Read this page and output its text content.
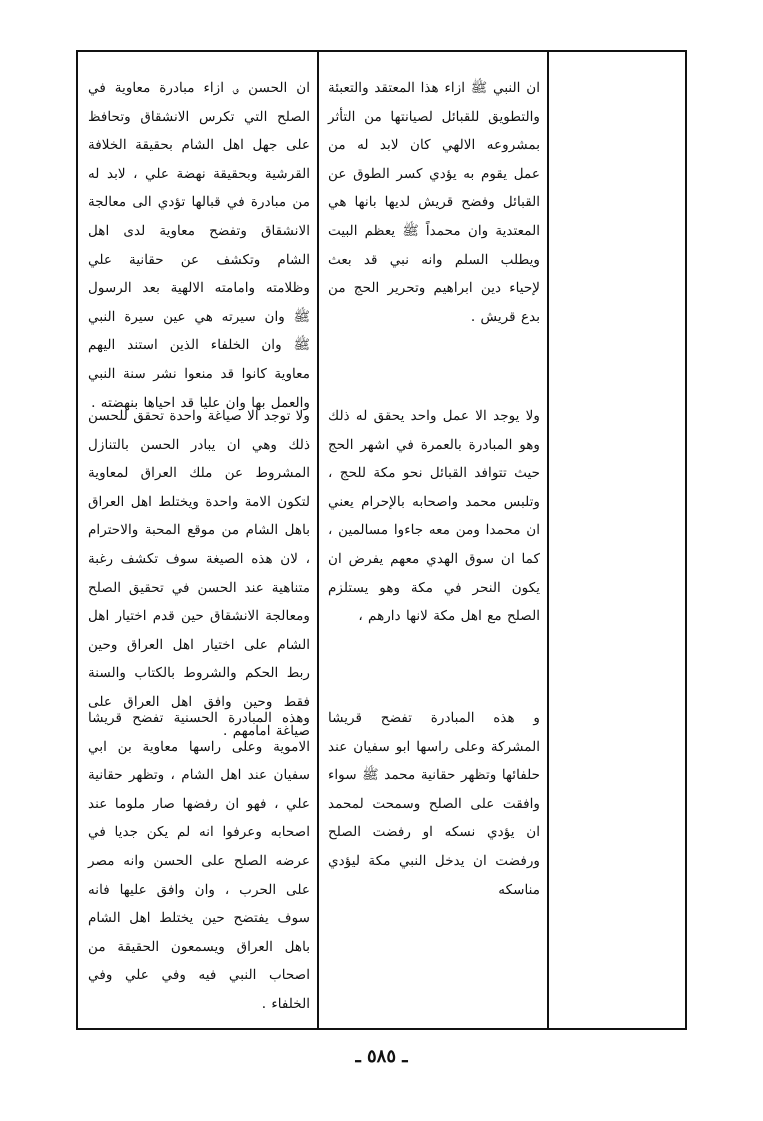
ان النبي ﷺ ازاء هذا المعتقد والتعبئة والتطويق للقبائل لصيانتها من التأثر بمشروعه الالهي كان لابد له من عمل يقوم به يؤدي كسر الطوق عن القبائل وفضح قريش لديها بانها هي المعتدية وان محمداً ﷺ يعظم البيت ويطلب السلم وانه نبي قد بعث لإحياء دين ابراهيم وتحرير الحج من بدع قريش .
ان الحسن ؈ ازاء مبادرة معاوية في الصلح التي تكرس الانشقاق وتحافظ على جهل اهل الشام بحقيقة الخلافة القرشية وبحقيقة نهضة علي ، لابد له من مبادرة في قبالها تؤدي الى معالجة الانشقاق وتفضح معاوية لدى اهل الشام وتكشف عن حقانية علي وظلامته وامامته الالهية بعد الرسول ﷺ وان سيرته هي عين سيرة النبي ﷺ وان الخلفاء الذين استند اليهم معاوية كانوا قد منعوا نشر سنة النبي والعمل بها وان عليا قد احياها بنهضته .
ولا يوجد الا عمل واحد يحقق له ذلك وهو المبادرة بالعمرة في اشهر الحج حيث تتوافد القبائل نحو مكة للحج ، وتلبس محمد واصحابه بالإحرام يعني ان محمدا ومن معه جاءوا مسالمين ، كما ان سوق الهدي معهم يفرض ان يكون النحر في مكة وهو يستلزم الصلح مع اهل مكة لانها دارهم ،
ولا توجد الا صياغة واحدة تحقق للحسن ذلك وهي ان يبادر الحسن بالتنازل المشروط عن ملك العراق لمعاوية لتكون الامة واحدة ويختلط اهل العراق باهل الشام من موقع المحبة والاحترام ، لان هذه الصيغة سوف تكشف رغبة متناهية عند الحسن في تحقيق الصلح ومعالجة الانشقاق حين قدم اختيار اهل الشام على اختيار اهل العراق وحين ربط الحكم والشروط بالكتاب والسنة فقط وحين وافق اهل العراق على صياغة امامهم .
و هذه المبادرة تفضح قريشا المشركة وعلى راسها ابو سفيان عند حلفائها وتظهر حقانية محمد ﷺ سواء وافقت على الصلح وسمحت لمحمد ان يؤدي نسكه او رفضت الصلح ورفضت ان يدخل النبي مكة ليؤدي مناسكه
وهذه المبادرة الحسنية تفضح قريشا الاموية وعلى راسها معاوية بن ابي سفيان عند اهل الشام ، وتظهر حقانية علي ، فهو ان رفضها صار ملوما عند اصحابه وعرفوا انه لم يكن جديا في عرضه الصلح على الحسن وانه مصر على الحرب ، وان وافق عليها فانه سوف يفتضح حين يختلط اهل الشام باهل العراق ويسمعون الحقيقة من اصحاب النبي فيه وفي علي وفي الخلفاء .
ـ ٥٨٥ ـ
